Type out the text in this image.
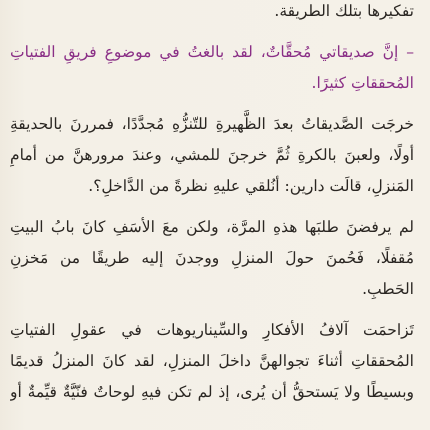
تفكيرها بتلك الطريقة.
– إنَّ صديقاتي مُحقَّاتٌ، لقد بالغتُ في موضوعِ فريقِ الفتياتِ
المُحققاتِ كثيرًا.
خرجَت الصَّديقاتُ بعدَ الظَّهيرةِ للتّنزُّهِ مُجدَّدًا، فمررنَ بالحديقةِ
أولًا، ولعبنَ بالكرةِ ثُمَّ خرجنَ للمشي، وعندَ مرورهنَّ من أمامِ
المَنزلِ، قالَت دارين: أنُلقي عليهِ نظرةً من الدَّاخلِ؟.
لم يرفضنَ طلبَها هذهِ المرَّة، ولكن معَ الأسَفِ كانَ بابُ البيتِ
مُقفلًا، فَحُمنَ حولَ المنزلِ ووجدنَ إليه طريقًا من مَخزنِ
الحَطبِ.
تَزاحمَت آلافُ الأفكارِ والسِّيناريوهات في عقولِ الفتياتِ
المُحققاتِ أثناءَ تجوالهنَّ داخلَ المنزلِ، لقد كانَ المنزلُ قديمًا
وبسيطًا ولا يَستحقُّ أن يُرى، إذ لم تكن فيهِ لوحاتٌ فنّيَّةٌ قيِّمةٌ أو
